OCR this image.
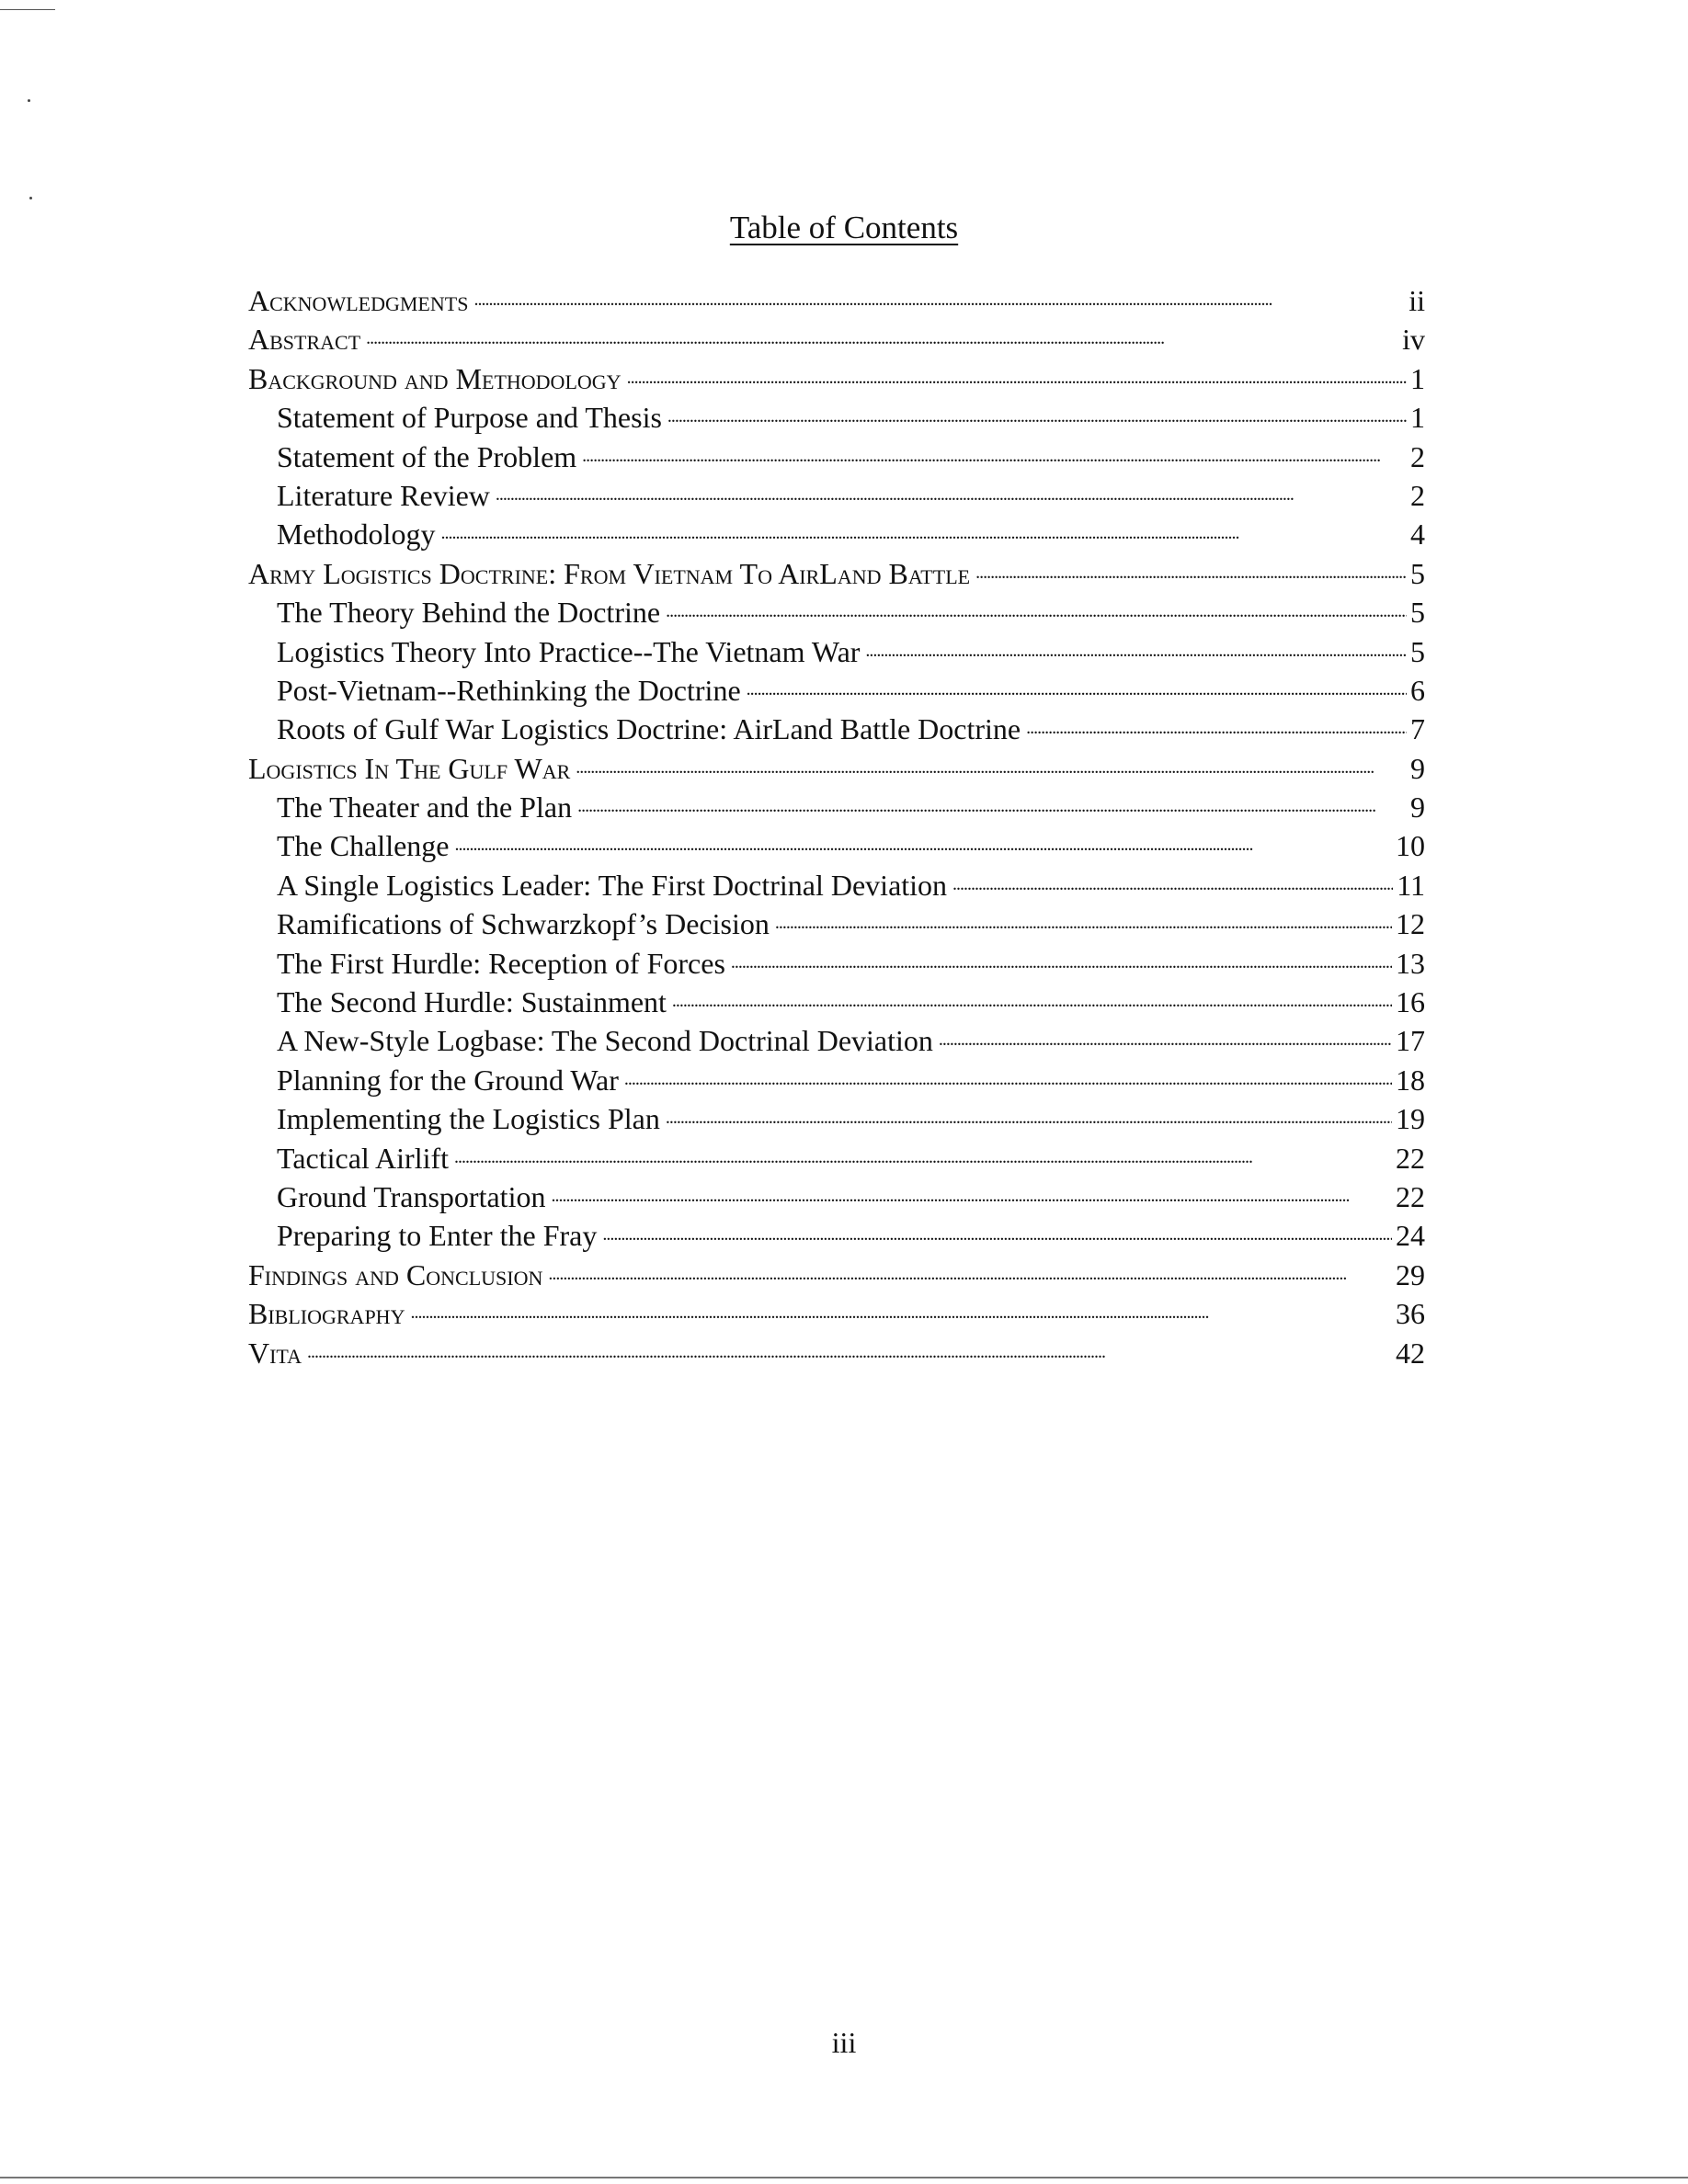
Table of Contents
Acknowledgments . . .	ii
Abstract . . .	iv
Background and Methodology . . .	1
Statement of Purpose and Thesis . . .	1
Statement of the Problem . . .	2
Literature Review . . .	2
Methodology . . .	4
Army Logistics Doctrine: From Vietnam To AirLand Battle . . .	5
The Theory Behind the Doctrine . . .	5
Logistics Theory Into Practice--The Vietnam War . . .	5
Post-Vietnam--Rethinking the Doctrine . . .	6
Roots of Gulf War Logistics Doctrine: AirLand Battle Doctrine . . .	7
Logistics In The Gulf War . . .	9
The Theater and the Plan . . .	9
The Challenge . . .	10
A Single Logistics Leader: The First Doctrinal Deviation . . .	11
Ramifications of Schwarzkopf’s Decision . . .	12
The First Hurdle: Reception of Forces . . .	13
The Second Hurdle: Sustainment . . .	16
A New-Style Logbase: The Second Doctrinal Deviation . . .	17
Planning for the Ground War . . .	18
Implementing the Logistics Plan . . .	19
Tactical Airlift . . .	22
Ground Transportation . . .	22
Preparing to Enter the Fray . . .	24
Findings and Conclusion . . .	29
Bibliography . . .	36
Vita . . .	42
iii
